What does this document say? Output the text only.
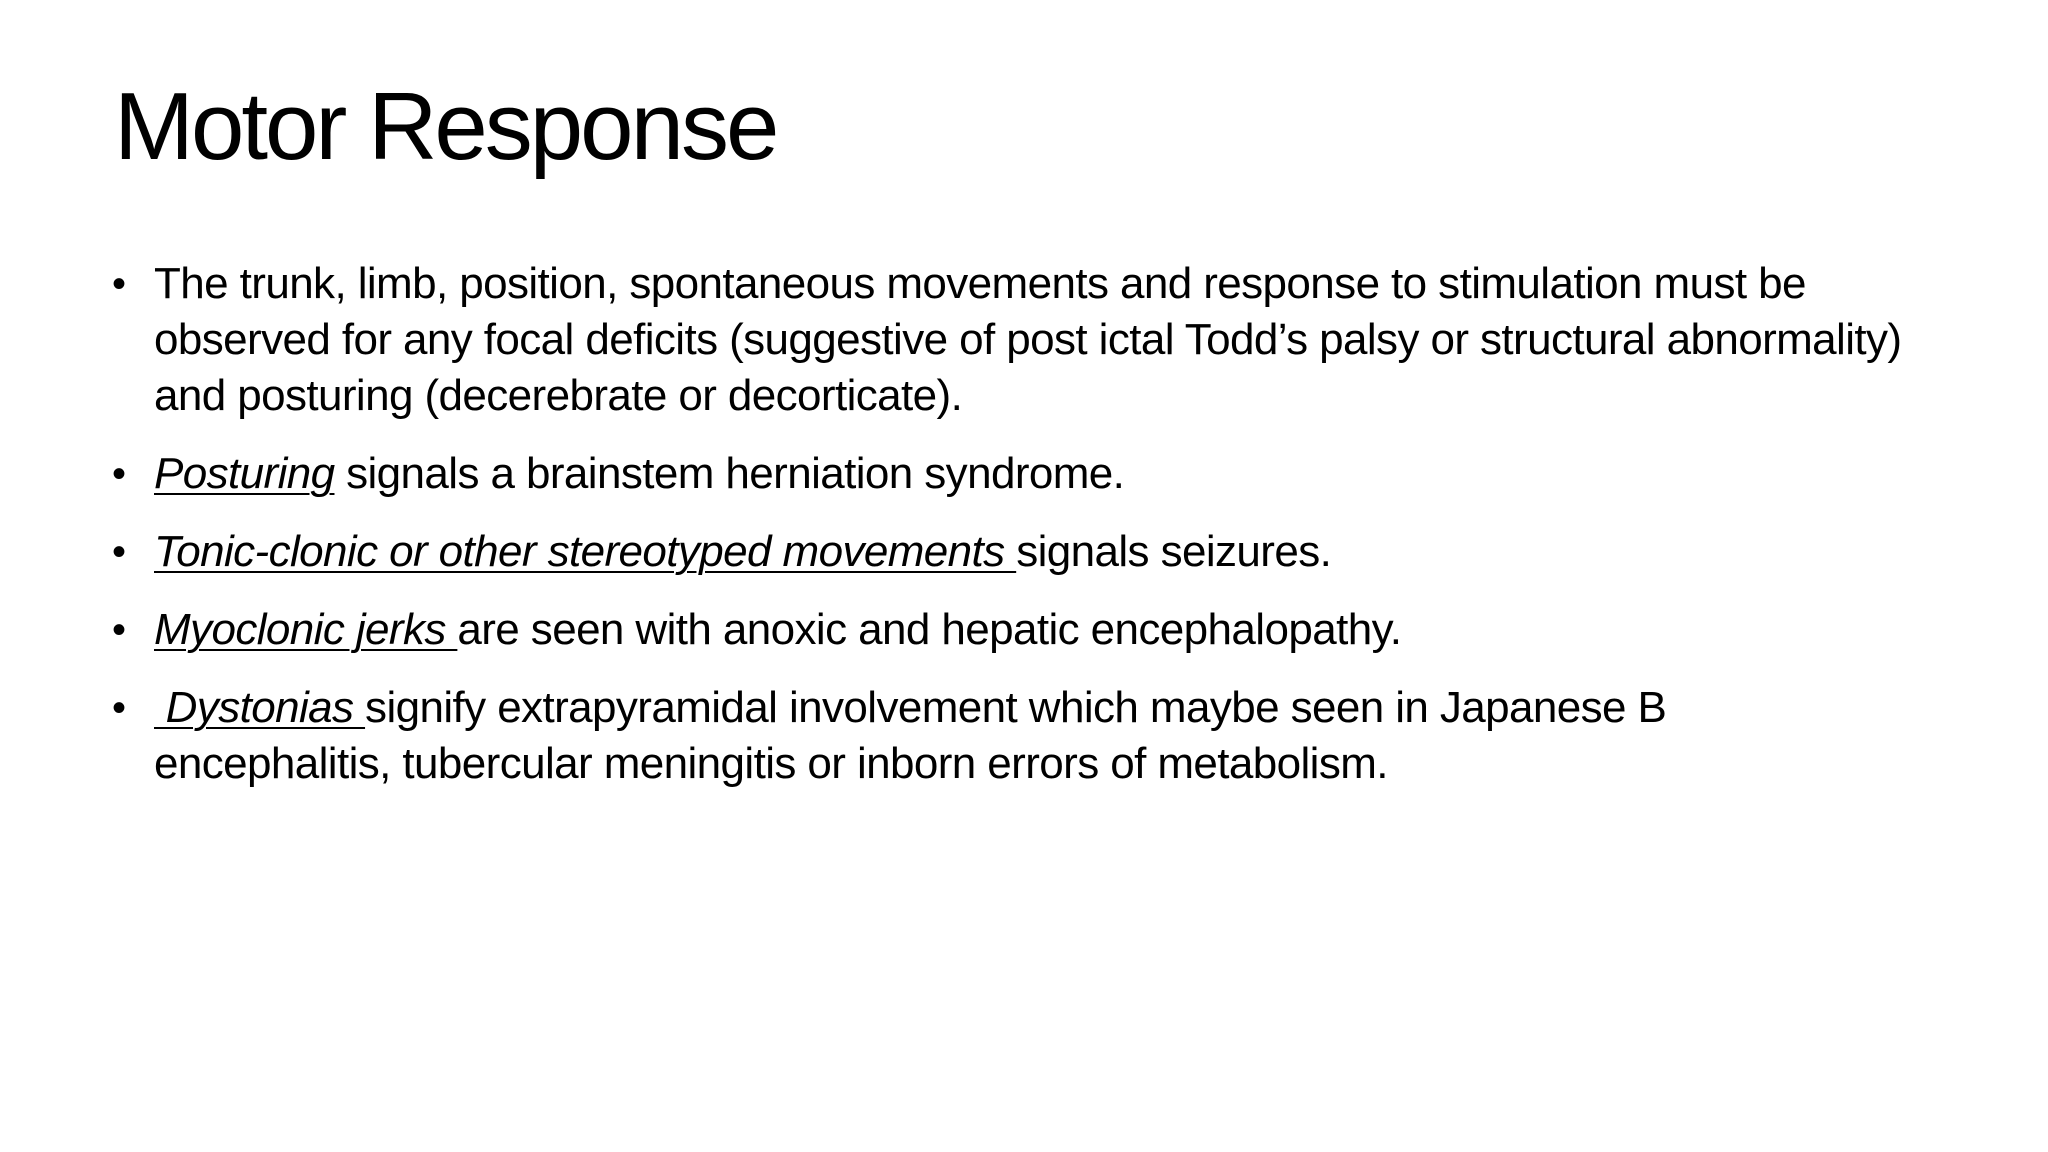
Motor Response
• The trunk, limb, position, spontaneous movements and response to stimulation must be observed for any focal deficits (suggestive of post ictal Todd’s palsy or structural abnormality) and posturing (decerebrate or decorticate).
• Posturing signals a brainstem herniation syndrome.
• Tonic-clonic or other stereotyped movements signals seizures.
• Myoclonic jerks are seen with anoxic and hepatic encephalopathy.
• Dystonias signify extrapyramidal involvement which maybe seen in Japanese B encephalitis, tubercular meningitis or inborn errors of metabolism.
